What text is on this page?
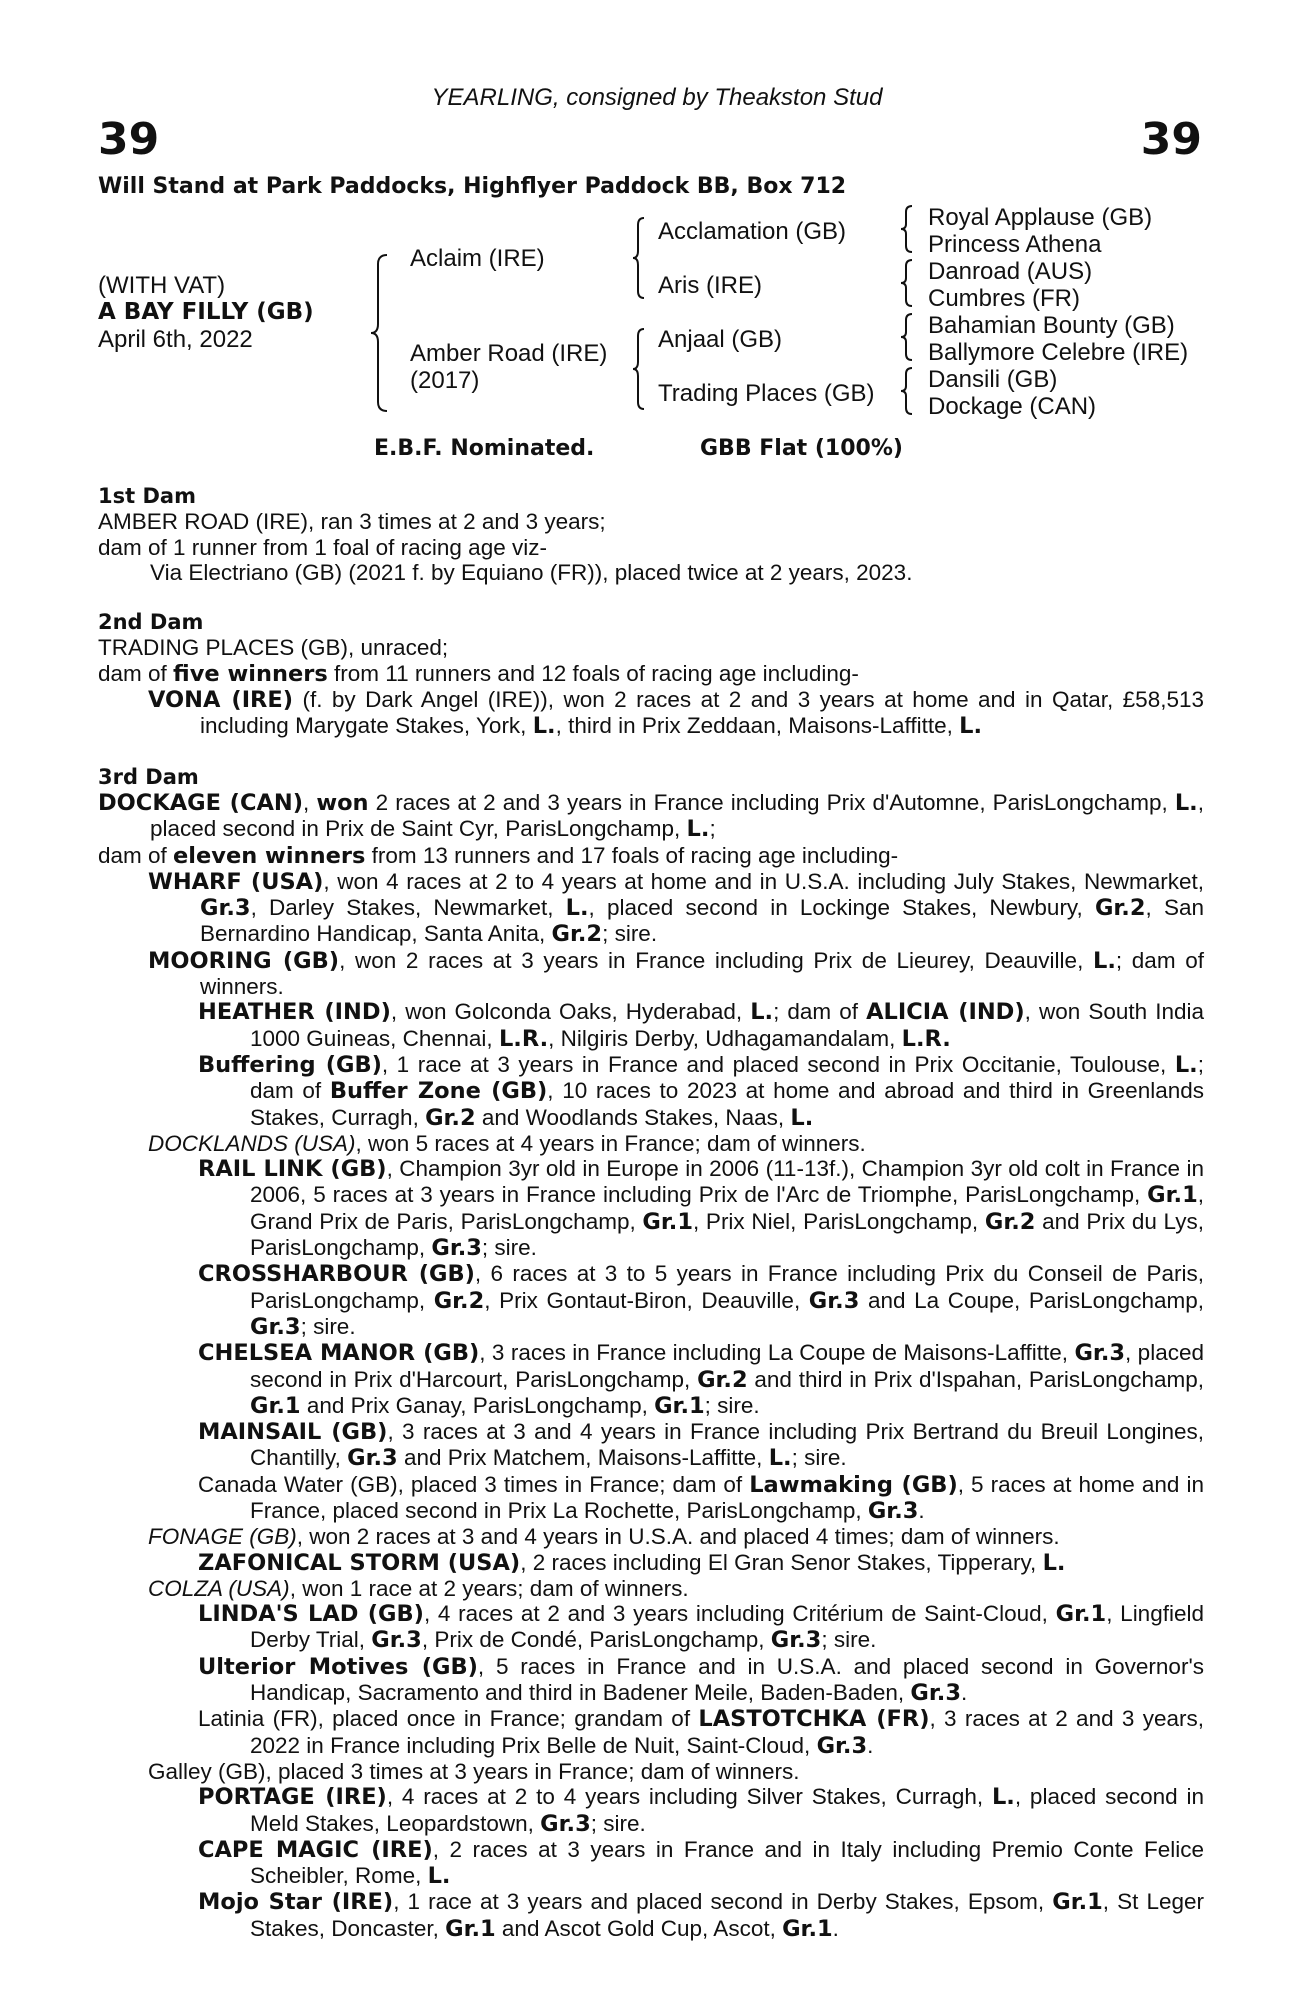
YEARLING, consigned by Theakston Stud
39	39
Will Stand at Park Paddocks, Highflyer Paddock BB, Box 712
(WITH VAT)
A BAY FILLY (GB)
April 6th, 2022
Aclaim (IRE)
Amber Road (IRE)
(2017)
Acclamation (GB)
Aris (IRE)
Anjaal (GB)
Trading Places (GB)
Royal Applause (GB)
Princess Athena
Danroad (AUS)
Cumbres (FR)
Bahamian Bounty (GB)
Ballymore Celebre (IRE)
Dansili (GB)
Dockage (CAN)
E.B.F. Nominated.	GBB Flat (100%)
1st Dam
AMBER ROAD (IRE), ran 3 times at 2 and 3 years;
dam of 1 runner from 1 foal of racing age viz-
Via Electriano (GB) (2021 f. by Equiano (FR)), placed twice at 2 years, 2023.
2nd Dam
TRADING PLACES (GB), unraced;
dam of five winners from 11 runners and 12 foals of racing age including-
VONA (IRE) (f. by Dark Angel (IRE)), won 2 races at 2 and 3 years at home and in Qatar, £58,513 including Marygate Stakes, York, L., third in Prix Zeddaan, Maisons-Laffitte, L.
3rd Dam
DOCKAGE (CAN), won 2 races at 2 and 3 years in France including Prix d'Automne, ParisLongchamp, L., placed second in Prix de Saint Cyr, ParisLongchamp, L.;
dam of eleven winners from 13 runners and 17 foals of racing age including-
WHARF (USA), won 4 races at 2 to 4 years at home and in U.S.A. including July Stakes, Newmarket, Gr.3, Darley Stakes, Newmarket, L., placed second in Lockinge Stakes, Newbury, Gr.2, San Bernardino Handicap, Santa Anita, Gr.2; sire.
MOORING (GB), won 2 races at 3 years in France including Prix de Lieurey, Deauville, L.; dam of winners.
HEATHER (IND), won Golconda Oaks, Hyderabad, L.; dam of ALICIA (IND), won South India 1000 Guineas, Chennai, L.R., Nilgiris Derby, Udhagamandalam, L.R.
Buffering (GB), 1 race at 3 years in France and placed second in Prix Occitanie, Toulouse, L.; dam of Buffer Zone (GB), 10 races to 2023 at home and abroad and third in Greenlands Stakes, Curragh, Gr.2 and Woodlands Stakes, Naas, L.
DOCKLANDS (USA), won 5 races at 4 years in France; dam of winners.
RAIL LINK (GB), Champion 3yr old in Europe in 2006 (11-13f.), Champion 3yr old colt in France in 2006, 5 races at 3 years in France including Prix de l'Arc de Triomphe, ParisLongchamp, Gr.1, Grand Prix de Paris, ParisLongchamp, Gr.1, Prix Niel, ParisLongchamp, Gr.2 and Prix du Lys, ParisLongchamp, Gr.3; sire.
CROSSHARBOUR (GB), 6 races at 3 to 5 years in France including Prix du Conseil de Paris, ParisLongchamp, Gr.2, Prix Gontaut-Biron, Deauville, Gr.3 and La Coupe, ParisLongchamp, Gr.3; sire.
CHELSEA MANOR (GB), 3 races in France including La Coupe de Maisons-Laffitte, Gr.3, placed second in Prix d'Harcourt, ParisLongchamp, Gr.2 and third in Prix d'Ispahan, ParisLongchamp, Gr.1 and Prix Ganay, ParisLongchamp, Gr.1; sire.
MAINSAIL (GB), 3 races at 3 and 4 years in France including Prix Bertrand du Breuil Longines, Chantilly, Gr.3 and Prix Matchem, Maisons-Laffitte, L.; sire.
Canada Water (GB), placed 3 times in France; dam of Lawmaking (GB), 5 races at home and in France, placed second in Prix La Rochette, ParisLongchamp, Gr.3.
FONAGE (GB), won 2 races at 3 and 4 years in U.S.A. and placed 4 times; dam of winners.
ZAFONICAL STORM (USA), 2 races including El Gran Senor Stakes, Tipperary, L.
COLZA (USA), won 1 race at 2 years; dam of winners.
LINDA'S LAD (GB), 4 races at 2 and 3 years including Critérium de Saint-Cloud, Gr.1, Lingfield Derby Trial, Gr.3, Prix de Condé, ParisLongchamp, Gr.3; sire.
Ulterior Motives (GB), 5 races in France and in U.S.A. and placed second in Governor's Handicap, Sacramento and third in Badener Meile, Baden-Baden, Gr.3.
Latinia (FR), placed once in France; grandam of LASTOTCHKA (FR), 3 races at 2 and 3 years, 2022 in France including Prix Belle de Nuit, Saint-Cloud, Gr.3.
Galley (GB), placed 3 times at 3 years in France; dam of winners.
PORTAGE (IRE), 4 races at 2 to 4 years including Silver Stakes, Curragh, L., placed second in Meld Stakes, Leopardstown, Gr.3; sire.
CAPE MAGIC (IRE), 2 races at 3 years in France and in Italy including Premio Conte Felice Scheibler, Rome, L.
Mojo Star (IRE), 1 race at 3 years and placed second in Derby Stakes, Epsom, Gr.1, St Leger Stakes, Doncaster, Gr.1 and Ascot Gold Cup, Ascot, Gr.1.
